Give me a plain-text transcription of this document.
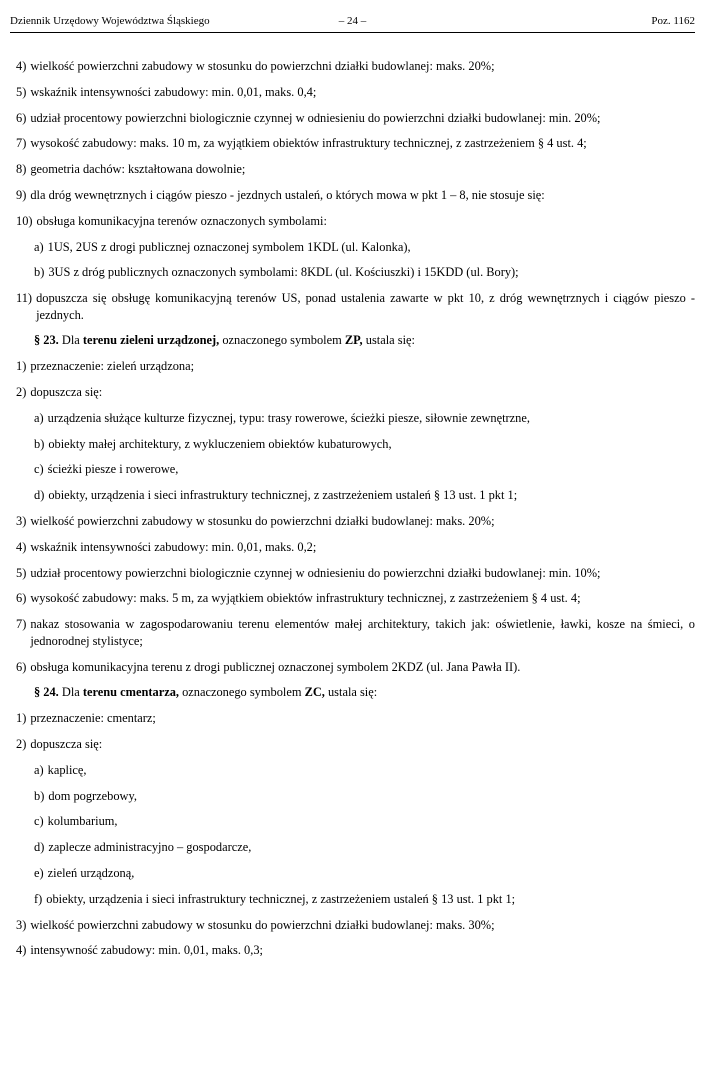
Dziennik Urzędowy Województwa Śląskiego	– 24 –	Poz. 1162
4) wielkość powierzchni zabudowy w stosunku do powierzchni działki budowlanej: maks. 20%;
5) wskaźnik intensywności zabudowy: min. 0,01, maks. 0,4;
6) udział procentowy powierzchni biologicznie czynnej w odniesieniu do powierzchni działki budowlanej: min. 20%;
7) wysokość zabudowy: maks. 10 m, za wyjątkiem obiektów infrastruktury technicznej, z zastrzeżeniem § 4 ust. 4;
8) geometria dachów: kształtowana dowolnie;
9) dla dróg wewnętrznych i ciągów pieszo - jezdnych ustaleń, o których mowa w pkt 1 – 8, nie stosuje się:
10) obsługa komunikacyjna terenów oznaczonych symbolami:
a) 1US, 2US z drogi publicznej oznaczonej symbolem 1KDL (ul. Kalonka),
b) 3US z dróg publicznych oznaczonych symbolami: 8KDL (ul. Kościuszki) i 15KDD (ul. Bory);
11) dopuszcza się obsługę komunikacyjną terenów US, ponad ustalenia zawarte w pkt 10, z dróg wewnętrznych i ciągów pieszo - jezdnych.
§ 23. Dla terenu zieleni urządzonej, oznaczonego symbolem ZP, ustala się:
1) przeznaczenie: zieleń urządzona;
2) dopuszcza się:
a) urządzenia służące kulturze fizycznej, typu: trasy rowerowe, ścieżki piesze, siłownie zewnętrzne,
b) obiekty małej architektury, z wykluczeniem obiektów kubaturowych,
c) ścieżki piesze i rowerowe,
d) obiekty, urządzenia i sieci infrastruktury technicznej, z zastrzeżeniem ustaleń § 13 ust. 1 pkt 1;
3) wielkość powierzchni zabudowy w stosunku do powierzchni działki budowlanej: maks. 20%;
4) wskaźnik intensywności zabudowy: min. 0,01, maks. 0,2;
5) udział procentowy powierzchni biologicznie czynnej w odniesieniu do powierzchni działki budowlanej: min. 10%;
6) wysokość zabudowy: maks. 5 m, za wyjątkiem obiektów infrastruktury technicznej, z zastrzeżeniem § 4 ust. 4;
7) nakaz stosowania w zagospodarowaniu terenu elementów małej architektury, takich jak: oświetlenie, ławki, kosze na śmieci, o jednorodnej stylistyce;
6) obsługa komunikacyjna terenu z drogi publicznej oznaczonej symbolem 2KDZ (ul. Jana Pawła II).
§ 24. Dla terenu cmentarza, oznaczonego symbolem ZC, ustala się:
1) przeznaczenie: cmentarz;
2) dopuszcza się:
a) kaplicę,
b) dom pogrzebowy,
c) kolumbarium,
d) zaplecze administracyjno – gospodarcze,
e) zieleń urządzoną,
f) obiekty, urządzenia i sieci infrastruktury technicznej, z zastrzeżeniem ustaleń § 13 ust. 1 pkt 1;
3) wielkość powierzchni zabudowy w stosunku do powierzchni działki budowlanej: maks. 30%;
4) intensywność zabudowy: min. 0,01, maks. 0,3;
